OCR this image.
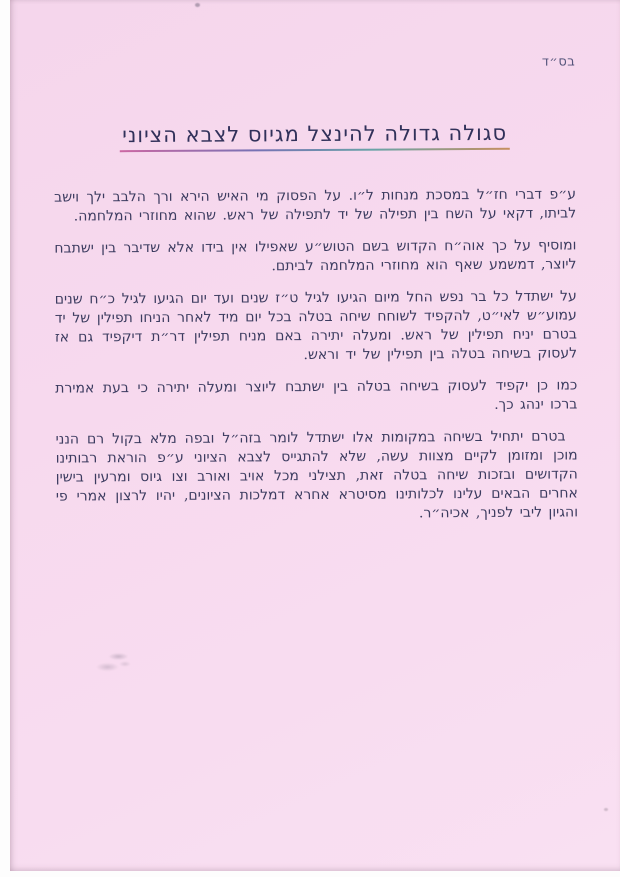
בס״ד
סגולה גדולה להינצל מגיוס לצבא הציוני

ע״פ דברי חז״ל במסכת מנחות ל״ו. על הפסוק מי האיש הירא ורך הלבב ילך וישב לביתו, דקאי על השח בין תפילה של יד לתפילה של ראש. שהוא מחוזרי המלחמה.

ומוסיף על כך אוה״ח הקדוש בשם הטוש״ע שאפילו אין בידו אלא שדיבר בין ישתבח ליוצר, דמשמע שאף הוא מחוזרי המלחמה לביתם.

על ישתדל כל בר נפש החל מיום הגיעו לגיל ט״ז שנים ועד יום הגיעו לגיל כ״ח שנים עמוע״ש לאי״ט, להקפיד לשוחח שיחה בטלה בכל יום מיד לאחר הניחו תפילין של יד בטרם יניח תפילין של ראש. ומעלה יתירה באם מניח תפילין דר״ת דיקפיד גם אז לעסוק בשיחה בטלה בין תפילין של יד וראש.

כמו כן יקפיד לעסוק בשיחה בטלה בין ישתבח ליוצר ומעלה יתירה כי בעת אמירת ברכו ינהג כך.

בטרם יתחיל בשיחה במקומות אלו ישתדל לומר בזה״ל ובפה מלא בקול רם הנני מוכן ומזומן לקיים מצוות עשה, שלא להתגייס לצבא הציוני ע״פ הוראת רבותינו הקדושים ובזכות שיחה בטלה זאת, תצילני מכל אויב ואורב וצו גיוס ומרעין בישין אחרים הבאים עלינו לכלותינו מסיטרא אחרא דמלכות הציונים, יהיו לרצון אמרי פי והגיון ליבי לפניך, אכיה״ר.
